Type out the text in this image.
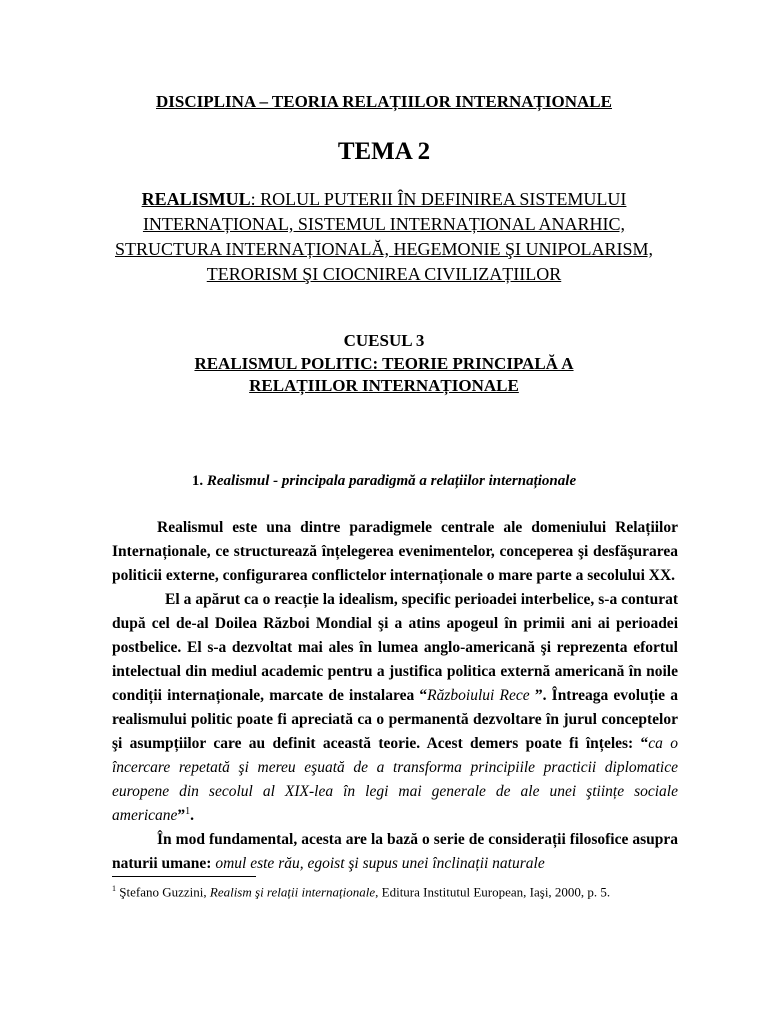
DISCIPLINA – TEORIA RELAȚIILOR INTERNAȚIONALE
TEMA 2
REALISMUL: ROLUL PUTERII ÎN DEFINIREA SISTEMULUI INTERNAȚIONAL, SISTEMUL INTERNAȚIONAL ANARHIC, STRUCTURA INTERNAȚIONALĂ, HEGEMONIE ŞI UNIPOLARISM, TERORISM ŞI CIOCNIREA CIVILIZAȚIILOR
CUESUL 3
REALISMUL POLITIC: TEORIE PRINCIPALĂ A RELAȚIILOR INTERNAȚIONALE
1. Realismul - principala paradigmă a relațiilor internaționale

Realismul este una dintre paradigmele centrale ale domeniului Relațiilor Internaționale, ce structurează înțelegerea evenimentelor, conceperea şi desfăşurarea politicii externe, configurarea conflictelor internaționale o mare parte a secolului XX.

El a apărut ca o reacție la idealism, specific perioadei interbelice, s-a conturat după cel de-al Doilea Război Mondial şi a atins apogeul în primii ani ai perioadei postbelice. El s-a dezvoltat mai ales în lumea anglo-americană şi reprezenta efortul intelectual din mediul academic pentru a justifica politica externă americană în noile condiții internaționale, marcate de instalarea “Războiului Rece ”. Întreaga evoluție a realismului politic poate fi apreciată ca o permanentă dezvoltare în jurul conceptelor şi asumpțiilor care au definit această teorie. Acest demers poate fi înțeles: “ca o încercare repetată şi mereu eşuată de a transforma principiile practicii diplomatice europene din secolul al XIX-lea în legi mai generale de ale unei ştiințe sociale americane”$^1$.

În mod fundamental, acesta are la bază o serie de considerații filosofice asupra naturii umane: omul este rău, egoist şi supus unei înclinații naturale

$^1$ Ştefano Guzzini, Realism şi relații internaționale, Editura Institutul European, Iaşi, 2000, p. 5.
